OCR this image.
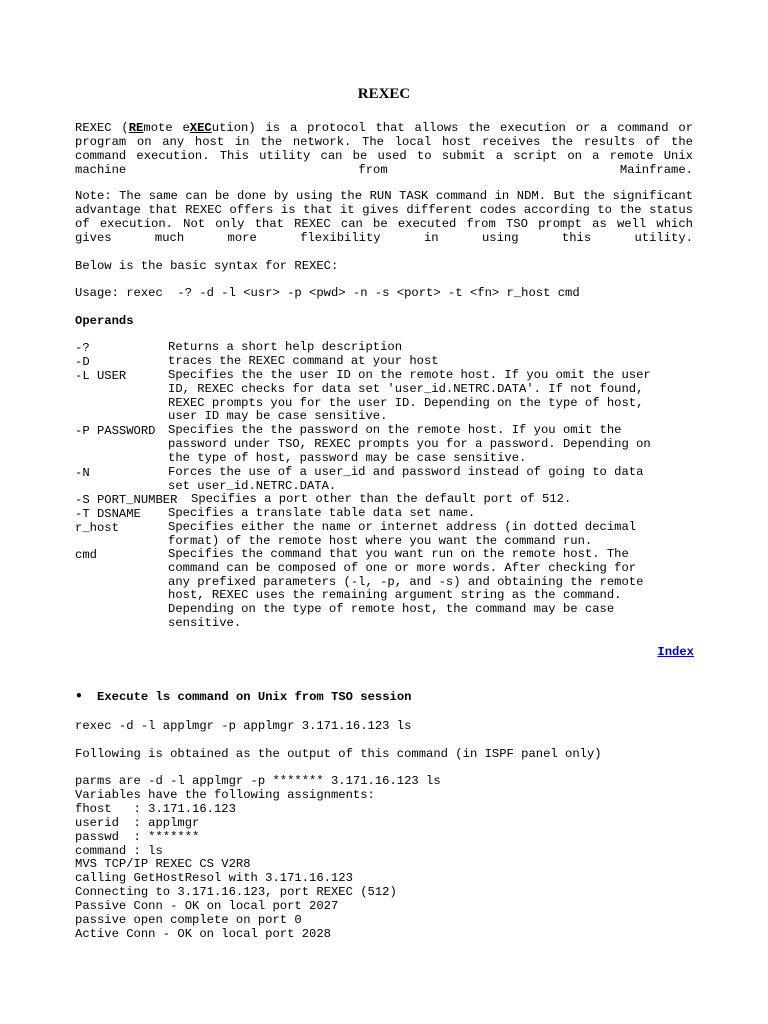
REXEC
REXEC (REmote eXECution) is a protocol that allows the execution or a command or program on any host in the network. The local host receives the results of the command execution. This utility can be used to submit a script on a remote Unix machine from Mainframe.
Note: The same can be done by using the RUN TASK command in NDM. But the significant advantage that REXEC offers is that it gives different codes according to the status of execution. Not only that REXEC can be executed from TSO prompt as well which gives much more flexibility in using this utility.
Below is the basic syntax for REXEC:
Usage: rexec  -? -d -l <usr> -p <pwd> -n -s <port> -t <fn> r_host cmd
Operands
-?	Returns a short help description
-D	traces the REXEC command at your host
-L USER	Specifies the the user ID on the remote host. If you omit the user
ID, REXEC checks for data set 'user_id.NETRC.DATA'. If not found,
REXEC prompts you for the user ID. Depending on the type of host,
user ID may be case sensitive.
-P PASSWORD Specifies the the password on the remote host. If you omit the
password under TSO, REXEC prompts you for a password. Depending on
the type of host, password may be case sensitive.
-N	Forces the use of a user_id and password instead of going to data
set user_id.NETRC.DATA.
-S PORT_NUMBER Specifies a port other than the default port of 512.
-T DSNAME Specifies a translate table data set name.
r_host	Specifies either the name or internet address (in dotted decimal
format) of the remote host where you want the command run.
cmd	Specifies the command that you want run on the remote host. The
command can be composed of one or more words. After checking for
any prefixed parameters (-l, -p, and -s) and obtaining the remote
host, REXEC uses the remaining argument string as the command.
Depending on the type of remote host, the command may be case
sensitive.
Index
• Execute ls command on Unix from TSO session
rexec -d -l applmgr -p applmgr 3.171.16.123 ls
Following is obtained as the output of this command (in ISPF panel only)
parms are -d -l applmgr -p ******* 3.171.16.123 ls
Variables have the following assignments:
fhost   : 3.171.16.123
userid  : applmgr
passwd  : *******
command : ls
MVS TCP/IP REXEC CS V2R8
calling GetHostResol with 3.171.16.123
Connecting to 3.171.16.123, port REXEC (512)
Passive Conn - OK on local port 2027
passive open complete on port 0
Active Conn - OK on local port 2028
